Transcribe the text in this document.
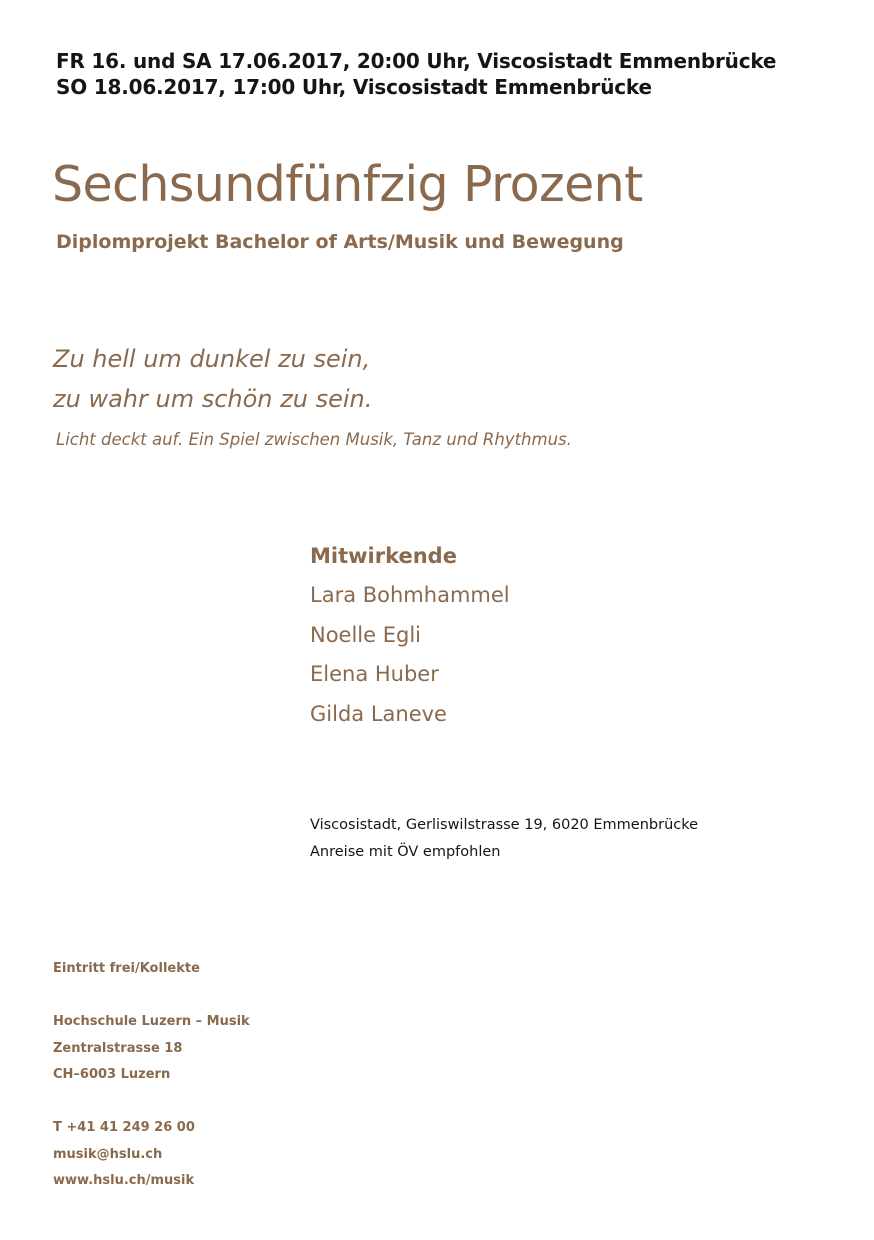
FR 16. und SA 17.06.2017, 20:00 Uhr, Viscosistadt Emmenbrücke
SO 18.06.2017, 17:00 Uhr, Viscosistadt Emmenbrücke
Sechsundfünfzig Prozent
Diplomprojekt Bachelor of Arts/Musik und Bewegung
Zu hell um dunkel zu sein,
zu wahr um schön zu sein.
Licht deckt auf. Ein Spiel zwischen Musik, Tanz und Rhythmus.
Mitwirkende
Lara Bohmhammel
Noelle Egli
Elena Huber
Gilda Laneve
Viscosistadt, Gerliswilstrasse 19, 6020 Emmenbrücke
Anreise mit ÖV empfohlen
Eintritt frei/Kollekte
Hochschule Luzern – Musik
Zentralstrasse 18
CH–6003 Luzern
T +41 41 249 26 00
musik@hslu.ch
www.hslu.ch/musik
